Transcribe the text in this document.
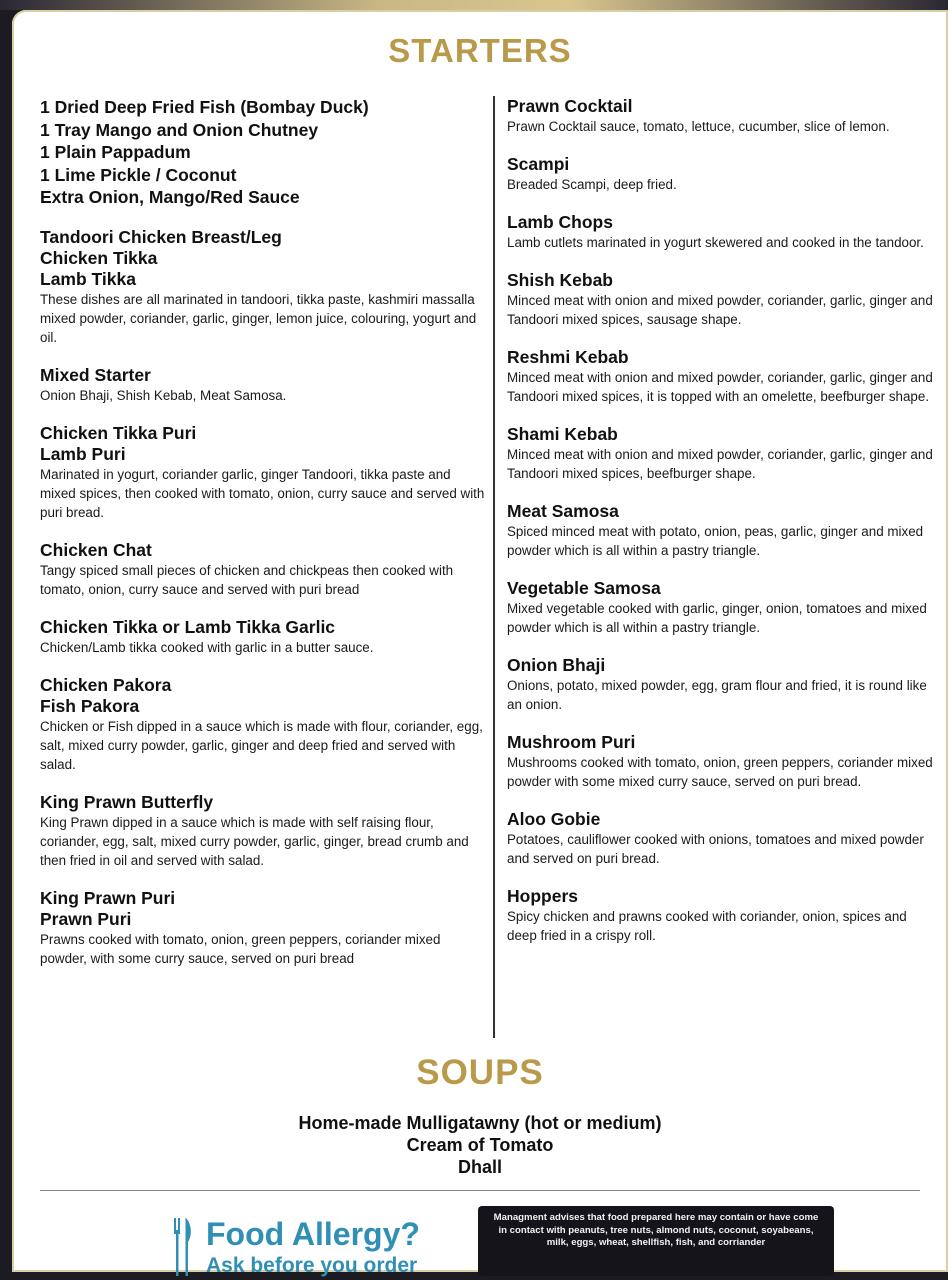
STARTERS
1 Dried Deep Fried Fish (Bombay Duck)
1 Tray Mango and Onion Chutney
1 Plain Pappadum
1 Lime Pickle / Coconut
Extra Onion, Mango/Red Sauce
Tandoori Chicken Breast/Leg
Chicken Tikka
Lamb Tikka
These dishes are all marinated in tandoori, tikka paste, kashmiri massalla mixed powder, coriander, garlic, ginger, lemon juice, colouring, yogurt and oil.
Mixed Starter
Onion Bhaji, Shish Kebab, Meat Samosa.
Chicken Tikka Puri
Lamb Puri
Marinated in yogurt, coriander garlic, ginger Tandoori, tikka paste and mixed spices, then cooked with tomato, onion, curry sauce and served with puri bread.
Chicken Chat
Tangy spiced small pieces of chicken and chickpeas then cooked with tomato, onion, curry sauce and served with puri bread
Chicken Tikka or Lamb Tikka Garlic
Chicken/Lamb tikka cooked with garlic in a butter sauce.
Chicken Pakora
Fish Pakora
Chicken or Fish dipped in a sauce which is made with flour, coriander, egg, salt, mixed curry powder, garlic, ginger and deep fried and served with salad.
King Prawn Butterfly
King Prawn dipped in a sauce which is made with self raising flour, coriander, egg, salt, mixed curry powder, garlic, ginger, bread crumb and then fried in oil and served with salad.
King Prawn Puri
Prawn Puri
Prawns cooked with tomato, onion, green peppers, coriander mixed powder, with some curry sauce, served on puri bread
Prawn Cocktail
Prawn Cocktail sauce, tomato, lettuce, cucumber, slice of lemon.
Scampi
Breaded Scampi, deep fried.
Lamb Chops
Lamb cutlets marinated in yogurt skewered and cooked in the tandoor.
Shish Kebab
Minced meat with onion and mixed powder, coriander, garlic, ginger and Tandoori mixed spices, sausage shape.
Reshmi Kebab
Minced meat with onion and mixed powder, coriander, garlic, ginger and Tandoori mixed spices, it is topped with an omelette, beefburger shape.
Shami Kebab
Minced meat with onion and mixed powder, coriander, garlic, ginger and Tandoori mixed spices, beefburger shape.
Meat Samosa
Spiced minced meat with potato, onion, peas, garlic, ginger and mixed powder which is all within a pastry triangle.
Vegetable Samosa
Mixed vegetable cooked with garlic, ginger, onion, tomatoes and mixed powder which is all within a pastry triangle.
Onion Bhaji
Onions, potato, mixed powder, egg, gram flour and fried, it is round like an onion.
Mushroom Puri
Mushrooms cooked with tomato, onion, green peppers, coriander mixed powder with some mixed curry sauce, served on puri bread.
Aloo Gobie
Potatoes, cauliflower cooked with onions, tomatoes and mixed powder and served on puri bread.
Hoppers
Spicy chicken and prawns cooked with coriander, onion, spices and deep fried in a crispy roll.
SOUPS
Home-made Mulligatawny (hot or medium)
Cream of Tomato
Dhall
Food Allergy?
Ask before you order
Managment advises that food prepared here may contain or have come in contact with peanuts, tree nuts, almond nuts, coconut, soyabeans, milk, eggs, wheat, shellfish, fish, and corriander
